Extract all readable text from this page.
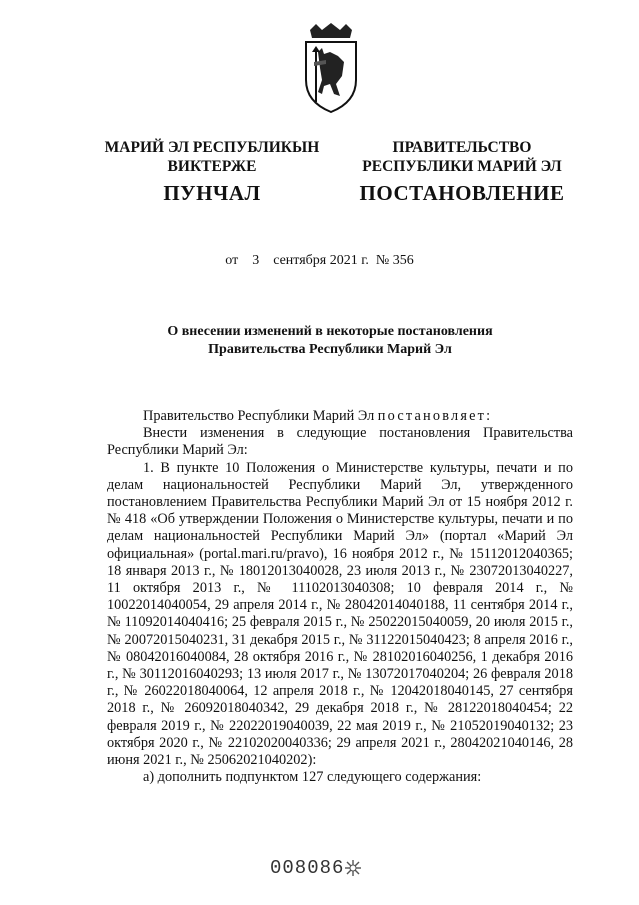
МАРИЙ ЭЛ РЕСПУБЛИКЫН
ВИКТЕРЖЕ
ПУНЧАЛ
ПРАВИТЕЛЬСТВО
РЕСПУБЛИКИ МАРИЙ ЭЛ
ПОСТАНОВЛЕНИЕ
от 3 сентября 2021 г. № 356
О внесении изменений в некоторые постановления
Правительства Республики Марий Эл

Правительство Республики Марий Эл постановляет:

Внести изменения в следующие постановления Правительства Республики Марий Эл:

1. В пункте 10 Положения о Министерстве культуры, печати и по делам национальностей Республики Марий Эл, утвержденного постановлением Правительства Республики Марий Эл от 15 ноября 2012 г. № 418 «Об утверждении Положения о Министерстве культуры, печати и по делам национальностей Республики Марий Эл» (портал «Марий Эл официальная» (portal.mari.ru/pravo), 16 ноября 2012 г., № 15112012040365; 18 января 2013 г., № 18012013040028, 23 июля 2013 г., № 23072013040227, 11 октября 2013 г., № 11102013040308; 10 февраля 2014 г., № 10022014040054, 29 апреля 2014 г., № 28042014040188, 11 сентября 2014 г., № 11092014040416; 25 февраля 2015 г., № 25022015040059, 20 июля 2015 г., № 20072015040231, 31 декабря 2015 г., № 31122015040423; 8 апреля 2016 г., № 08042016040084, 28 октября 2016 г., № 28102016040256, 1 декабря 2016 г., № 30112016040293; 13 июля 2017 г., № 13072017040204; 26 февраля 2018 г., № 26022018040064, 12 апреля 2018 г., № 12042018040145, 27 сентября 2018 г., № 26092018040342, 29 декабря 2018 г., № 28122018040454; 22 февраля 2019 г., № 22022019040039, 22 мая 2019 г., № 21052019040132; 23 октября 2020 г., № 22102020040336; 29 апреля 2021 г., 28042021040146, 28 июня 2021 г., № 25062021040202):

а) дополнить подпунктом 127 следующего содержания:

008086
